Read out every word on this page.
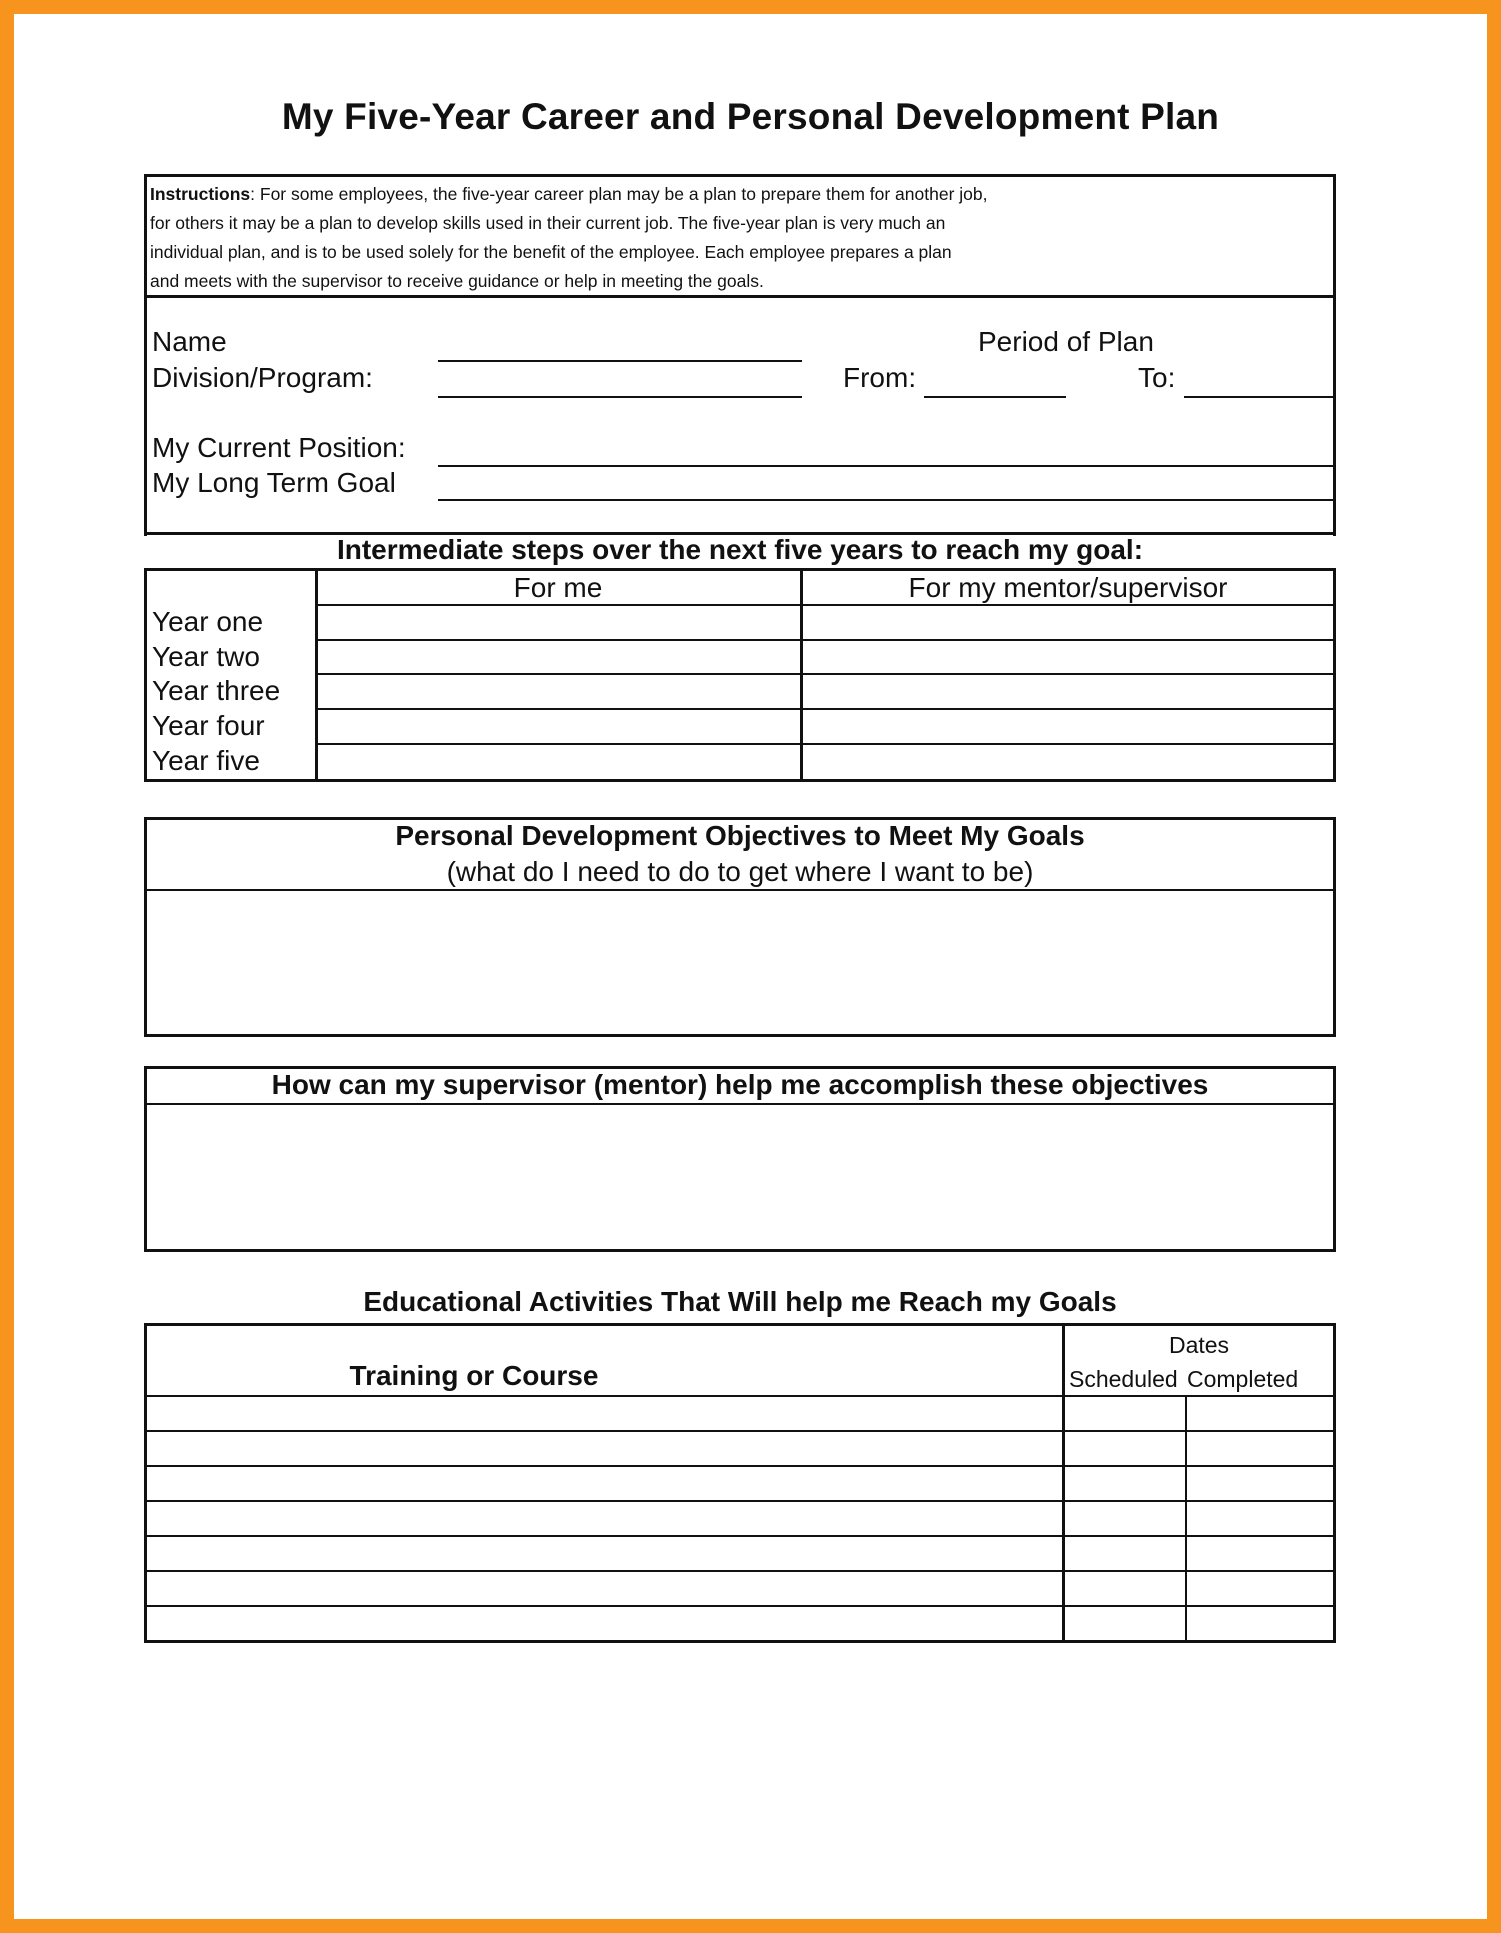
My Five-Year Career and Personal Development Plan
Instructions: For some employees, the five-year career plan may be a plan to prepare them for another job,
for others it may be a plan to develop skills used in their current job. The five-year plan is very much an
individual plan, and is to be used solely for the benefit of the employee. Each employee prepares a plan
and meets with the supervisor to receive guidance or help in meeting the goals.
Name
Division/Program:
Period of Plan
From:	To:
My Current Position:
My Long Term Goal
Intermediate steps over the next five years to reach my goal:
For me	For my mentor/supervisor
Year one
Year two
Year three
Year four
Year five
Personal Development Objectives to Meet My Goals
(what do I need to do to get where I want to be)
How can my supervisor (mentor) help me accomplish these objectives
Educational Activities That Will help me Reach my Goals
Training or Course
Dates
Scheduled Completed
